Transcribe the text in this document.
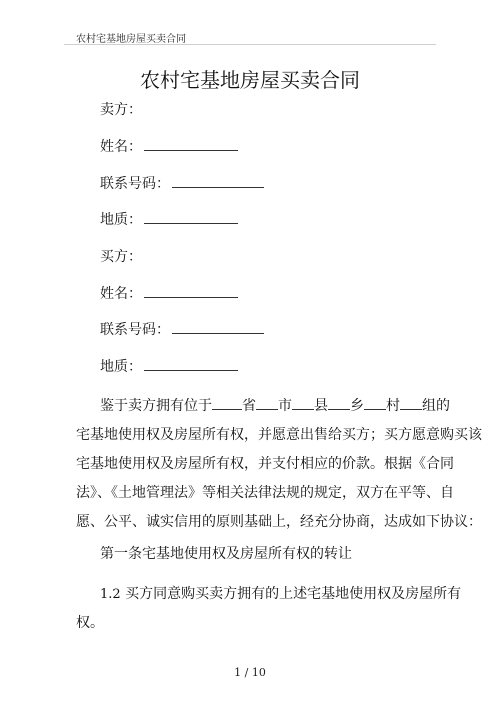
农村宅基地房屋买卖合同
农村宅基地房屋买卖合同
卖方：
姓名：
联系号码：
地质：
买方：
姓名：
联系号码：
地质：
鉴于卖方拥有位于 省 市 县 乡 村 组的
宅基地使用权及房屋所有权，并愿意出售给买方；买方愿意购买该
宅基地使用权及房屋所有权，并支付相应的价款。根据《合同
法》、《土地管理法》等相关法律法规的规定，双方在平等、自
愿、公平、诚实信用的原则基础上，经充分协商，达成如下协议：
第一条宅基地使用权及房屋所有权的转让
1.2 买方同意购买卖方拥有的上述宅基地使用权及房屋所有
权。
1 / 10
